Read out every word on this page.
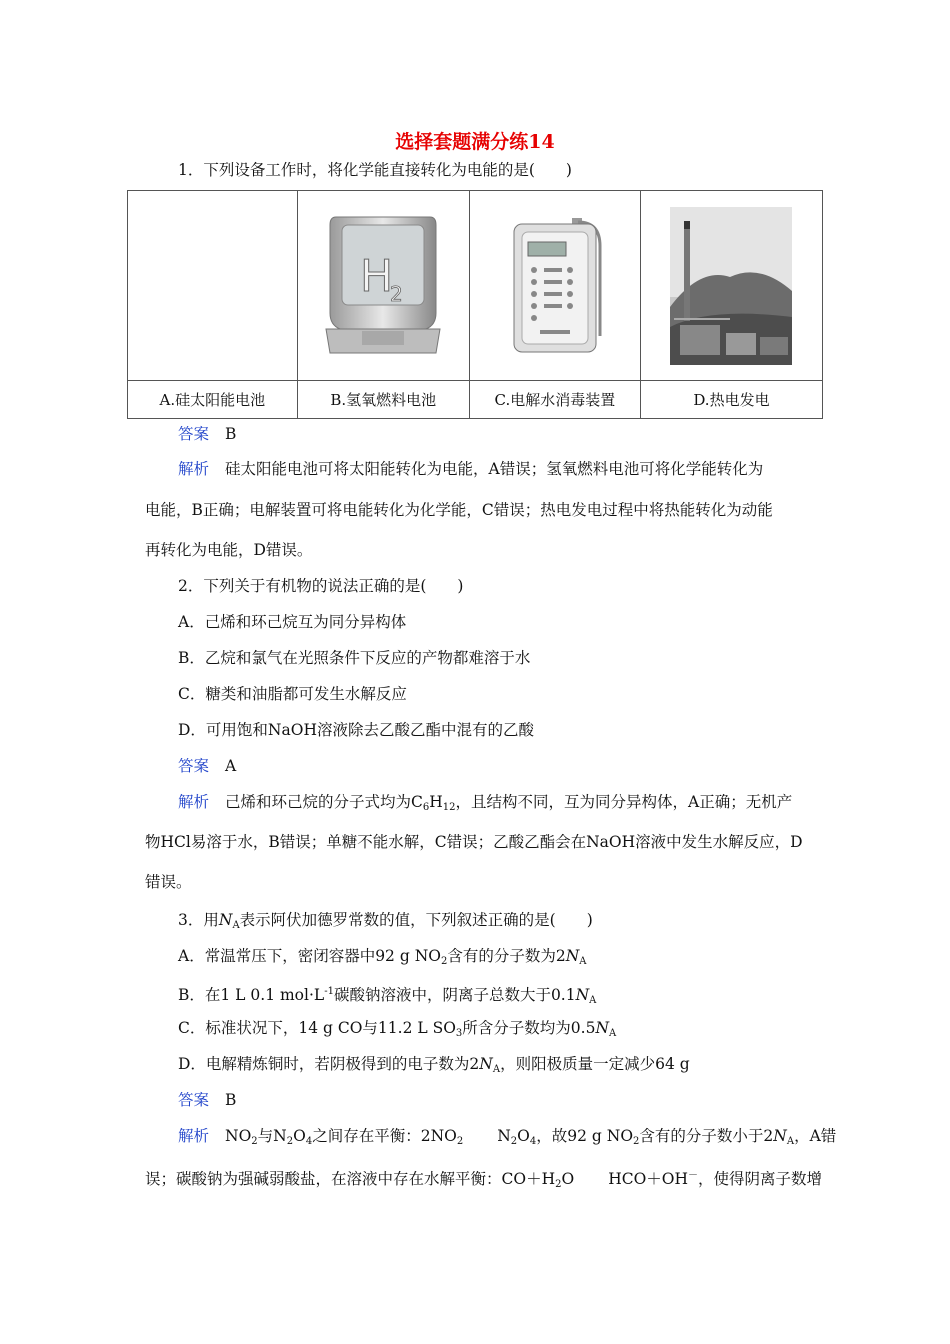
选择套题满分练14
1．下列设备工作时，将化学能直接转化为电能的是(　　)

H
2

A.硅太阳能电池	B.氢氧燃料电池	C.电解水消毒装置	D.热电发电
答案 B
解析 硅太阳能电池可将太阳能转化为电能，A错误；氢氧燃料电池可将化学能转化为
电能，B正确；电解装置可将电能转化为化学能，C错误；热电发电过程中将热能转化为动能
再转化为电能，D错误。
2．下列关于有机物的说法正确的是(　　)
A．己烯和环己烷互为同分异构体
B．乙烷和氯气在光照条件下反应的产物都难溶于水
C．糖类和油脂都可发生水解反应
D．可用饱和NaOH溶液除去乙酸乙酯中混有的乙酸
答案 A
解析 己烯和环己烷的分子式均为$C_6H_{12}$，且结构不同，互为同分异构体，A正确；无机产
物HCl易溶于水，B错误；单糖不能水解，C错误；乙酸乙酯会在NaOH溶液中发生水解反应，D
错误。
3．用$N_A$表示阿伏加德罗常数的值，下列叙述正确的是(　　)
A．常温常压下，密闭容器中92 g $NO_2$含有的分子数为$2N_A$
B．在1 L 0.1 $mol\cdot L^{-1}$碳酸钠溶液中，阴离子总数大于$0.1N_A$
C．标准状况下，14 g CO与11.2 L $SO_3$所含分子数均为$0.5N_A$
D．电解精炼铜时，若阴极得到的电子数为$2N_A$，则阳极质量一定减少64 g
答案 B
解析 $NO_2$与$N_2O_4$之间存在平衡：$2NO_2$ $N_2O_4$，故92 g $NO_2$含有的分子数小于$2N_A$，A错
误；碳酸钠为强碱弱酸盐，在溶液中存在水解平衡：$CO+H_2O$ HCO＋OH－，使得阴离子数增
